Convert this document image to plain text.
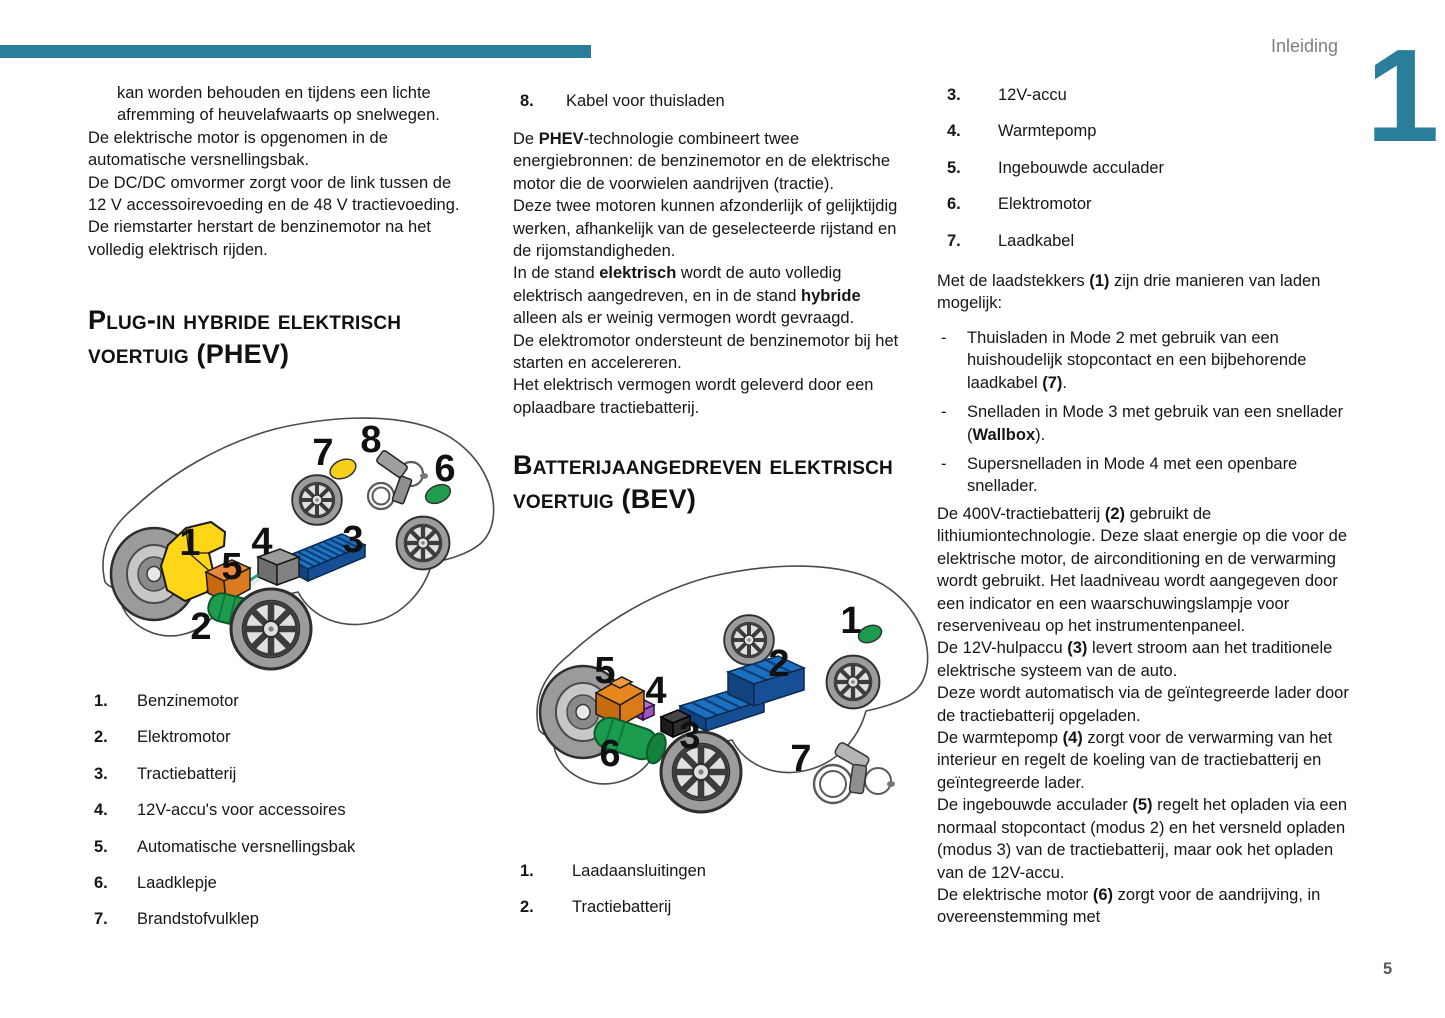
Inleiding 1
5

kan worden behouden en tijdens een lichte afremming of heuvelafwaarts op snelwegen.

De elektrische motor is opgenomen in de automatische versnellingsbak.

De DC/DC omvormer zorgt voor de link tussen de 12 V accessoirevoeding en de 48 V tractievoeding.

De riemstarter herstart de benzinemotor na het volledig elektrisch rijden.

Plug-in hybride elektrisch voertuig (PHEV)
1
2
3
4
5
6
7 8
1.	Benzinemotor
2.	Elektromotor
3.	Tractiebatterij
4.	12V-accu's voor accessoires
5.	Automatische versnellingsbak
6.	Laadklepje
7.	Brandstofvulklep
8.	Kabel voor thuisladen

De PHEV-technologie combineert twee energiebronnen: de benzinemotor en de elektrische motor die de voorwielen aandrijven (tractie).

Deze twee motoren kunnen afzonderlijk of gelijktijdig werken, afhankelijk van de geselecteerde rijstand en de rijomstandigheden.

In de stand elektrisch wordt de auto volledig elektrisch aangedreven, en in de stand hybride alleen als er weinig vermogen wordt gevraagd.

De elektromotor ondersteunt de benzinemotor bij het starten en accelereren.

Het elektrisch vermogen wordt geleverd door een oplaadbare tractiebatterij.

Batterijaangedreven elektrisch voertuig (BEV)
1
2
3
4
5
6	7
1.	Laadaansluitingen
2.	Tractiebatterij
3.	12V-accu
4.	Warmtepomp
5.	Ingebouwde acculader
6.	Elektromotor
7.	Laadkabel

Met de laadstekkers (1) zijn drie manieren van laden mogelijk:

-	Thuisladen in Mode 2 met gebruik van een huishoudelijk stopcontact en een bijbehorende laadkabel (7).
-	Snelladen in Mode 3 met gebruik van een snellader (Wallbox).
-	Supersnelladen in Mode 4 met een openbare snellader.

De 400V-tractiebatterij (2) gebruikt de lithiumiontechnologie. Deze slaat energie op die voor de elektrische motor, de airconditioning en de verwarming wordt gebruikt. Het laadniveau wordt aangegeven door een indicator en een waarschuwingslampje voor reserveniveau op het instrumentenpaneel.

De 12V-hulpaccu (3) levert stroom aan het traditionele elektrische systeem van de auto.

Deze wordt automatisch via de geïntegreerde lader door de tractiebatterij opgeladen.

De warmtepomp (4) zorgt voor de verwarming van het interieur en regelt de koeling van de tractiebatterij en geïntegreerde lader.

De ingebouwde acculader (5) regelt het opladen via een normaal stopcontact (modus 2) en het versneld opladen (modus 3) van de tractiebatterij, maar ook het opladen van de 12V-accu.

De elektrische motor (6) zorgt voor de aandrijving, in overeenstemming met
